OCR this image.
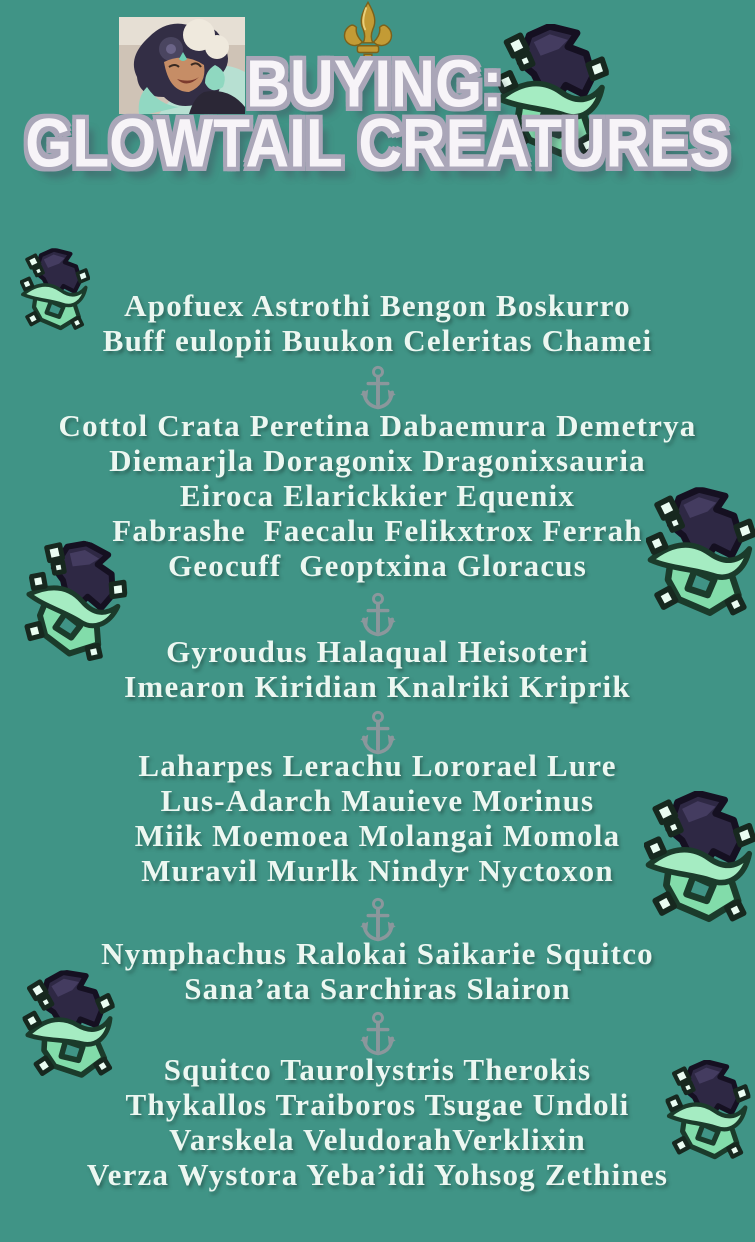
BUYING:
GLOWTAIL CREATURES
Apofuex Astrothi Bengon Boskurro
Buff eulopii Buukon Celeritas Chamei
Cottol Crata Peretina Dabaemura Demetrya
Diemarjla Doragonix Dragonixsauria
Eiroca Elarickkier Equenix
Fabrashe  Faecalu Felikxtrox Ferrah
Geocuff  Geoptxina Gloracus
Gyroudus Halaqual Heisoteri
Imearon Kiridian Knalriki Kriprik
Laharpes Lerachu Lororael Lure
Lus-Adarch Mauieve Morinus
Miik Moemoea Molangai Momola
Muravil Murlk Nindyr Nyctoxon
Nymphachus Ralokai Saikarie Squitco
Sana’ata Sarchiras Slairon
Squitco Taurolystris Therokis
Thykallos Traiboros Tsugae Undoli
Varskela VeludorahVerklixin
Verza Wystora Yeba’idi Yohsog Zethines
